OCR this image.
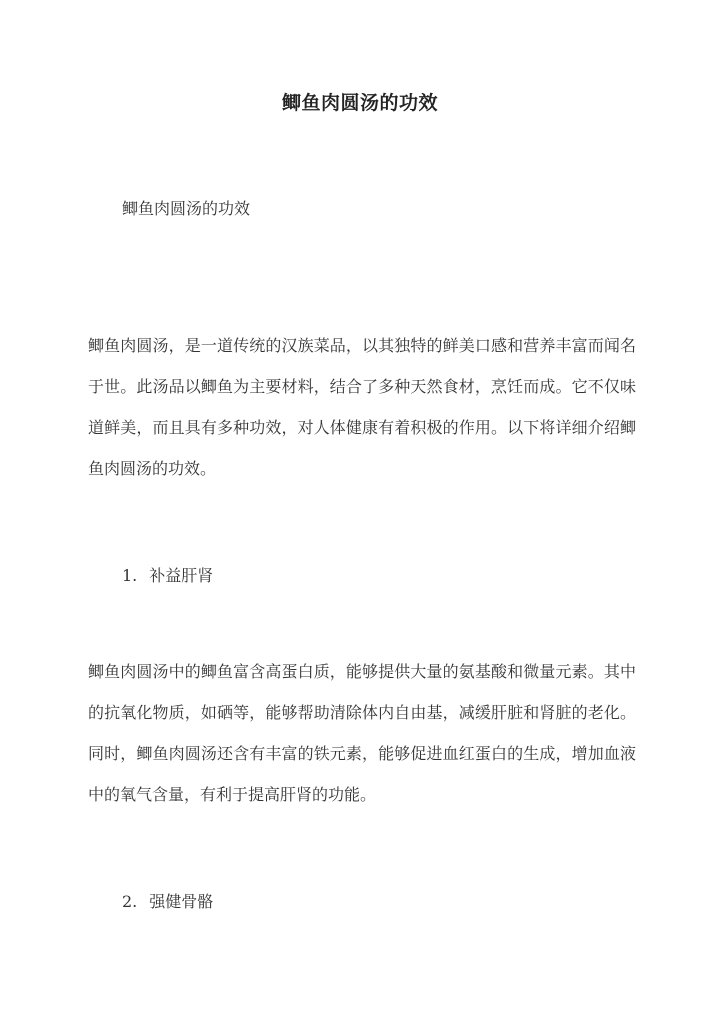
鲫鱼肉圆汤的功效
鲫鱼肉圆汤的功效
鲫鱼肉圆汤，是一道传统的汉族菜品，以其独特的鲜美口感和营养丰富而闻名于世。此汤品以鲫鱼为主要材料，结合了多种天然食材，烹饪而成。它不仅味道鲜美，而且具有多种功效，对人体健康有着积极的作用。以下将详细介绍鲫鱼肉圆汤的功效。
1. 补益肝肾
鲫鱼肉圆汤中的鲫鱼富含高蛋白质，能够提供大量的氨基酸和微量元素。其中的抗氧化物质，如硒等，能够帮助清除体内自由基，减缓肝脏和肾脏的老化。同时，鲫鱼肉圆汤还含有丰富的铁元素，能够促进血红蛋白的生成，增加血液中的氧气含量，有利于提高肝肾的功能。
2. 强健骨骼
